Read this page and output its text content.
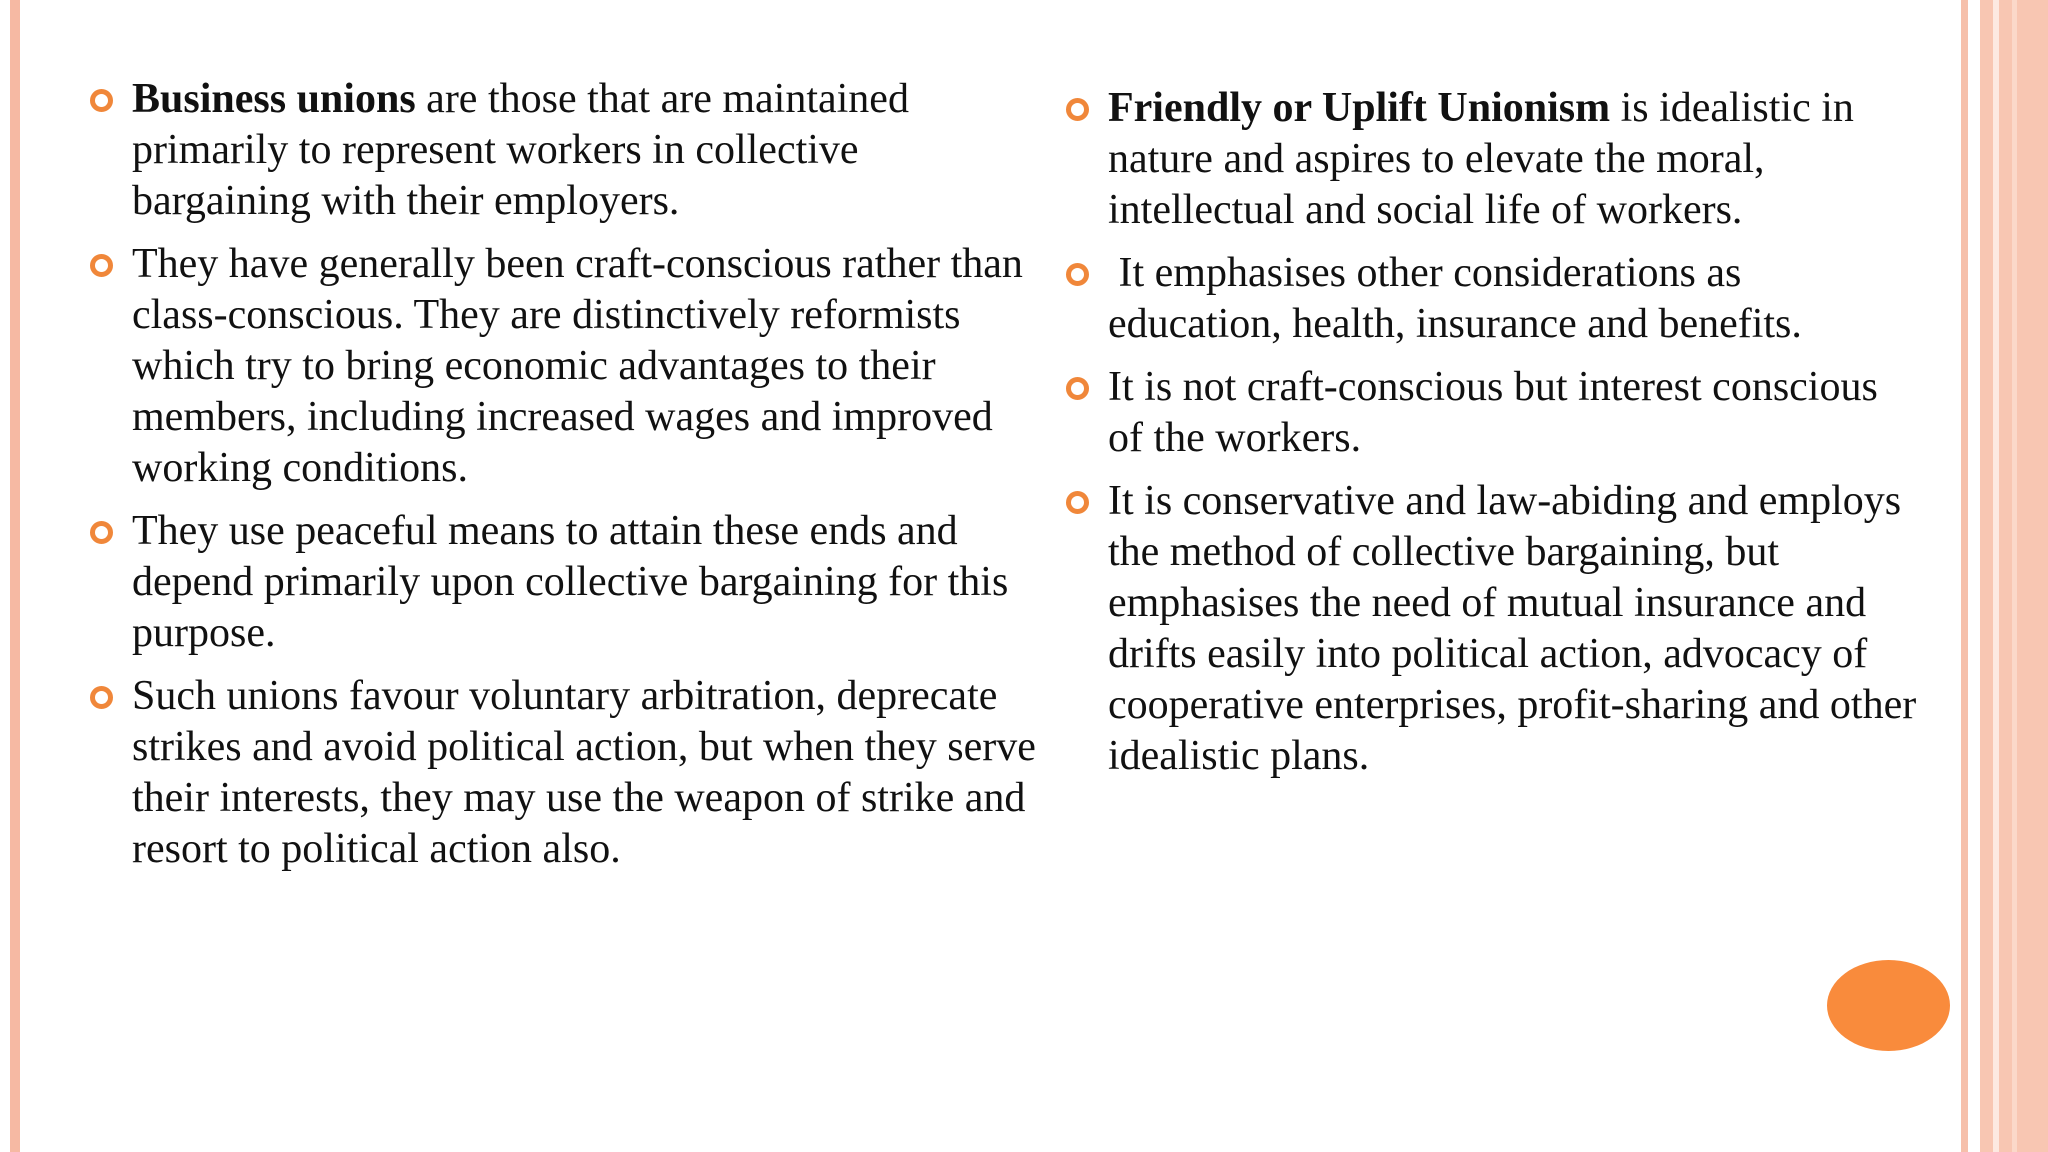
Business unions are those that are maintained primarily to represent workers in collective bargaining with their employers.
They have generally been craft-conscious rather than class-conscious. They are distinctively reformists which try to bring economic advantages to their members, including increased wages and improved working conditions.
They use peaceful means to attain these ends and depend primarily upon collective bargaining for this purpose.
Such unions favour voluntary arbitration, deprecate strikes and avoid political action, but when they serve their interests, they may use the weapon of strike and resort to political action also.
Friendly or Uplift Unionism is idealistic in nature and aspires to elevate the moral, intellectual and social life of workers.
It emphasises other considerations as education, health, insurance and benefits.
It is not craft-conscious but interest conscious of the workers.
It is conservative and law-abiding and employs the method of collective bargaining, but emphasises the need of mutual insurance and drifts easily into political action, advocacy of cooperative enterprises, profit-sharing and other idealistic plans.
